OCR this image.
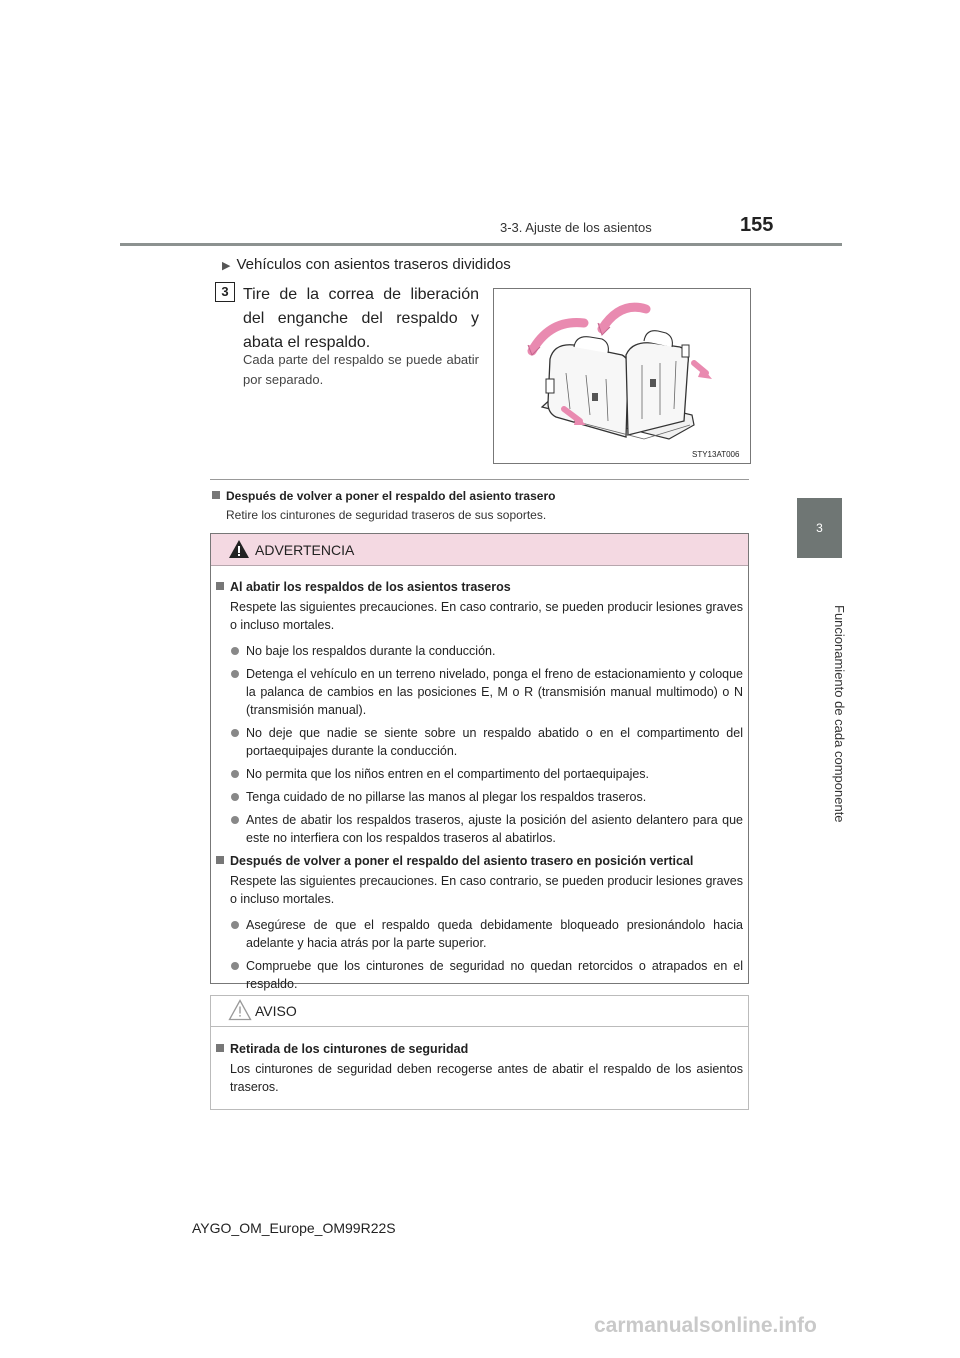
3-3. Ajuste de los asientos	155
3
Funcionamiento de cada componente
▶ Vehículos con asientos traseros divididos
3 Tire de la correa de liberación del enganche del respaldo y abata el respaldo.
Cada parte del respaldo se puede abatir por separado.
STY13AT006
Después de volver a poner el respaldo del asiento trasero
Retire los cinturones de seguridad traseros de sus soportes.
ADVERTENCIA
Al abatir los respaldos de los asientos traseros
Respete las siguientes precauciones. En caso contrario, se pueden producir lesiones graves o incluso mortales.
No baje los respaldos durante la conducción.
Detenga el vehículo en un terreno nivelado, ponga el freno de estacionamiento y coloque la palanca de cambios en las posiciones E, M o R (transmisión manual multimodo) o N (transmisión manual).
No deje que nadie se siente sobre un respaldo abatido o en el compartimento del portaequipajes durante la conducción.
No permita que los niños entren en el compartimento del portaequipajes.
Tenga cuidado de no pillarse las manos al plegar los respaldos traseros.
Antes de abatir los respaldos traseros, ajuste la posición del asiento delantero para que este no interfiera con los respaldos traseros al abatirlos.
Después de volver a poner el respaldo del asiento trasero en posición vertical
Respete las siguientes precauciones. En caso contrario, se pueden producir lesiones graves o incluso mortales.
Asegúrese de que el respaldo queda debidamente bloqueado presionándolo hacia adelante y hacia atrás por la parte superior.
Compruebe que los cinturones de seguridad no quedan retorcidos o atrapados en el respaldo.
AVISO
Retirada de los cinturones de seguridad
Los cinturones de seguridad deben recogerse antes de abatir el respaldo de los asientos traseros.
AYGO_OM_Europe_OM99R22S
carmanualsonline.info
